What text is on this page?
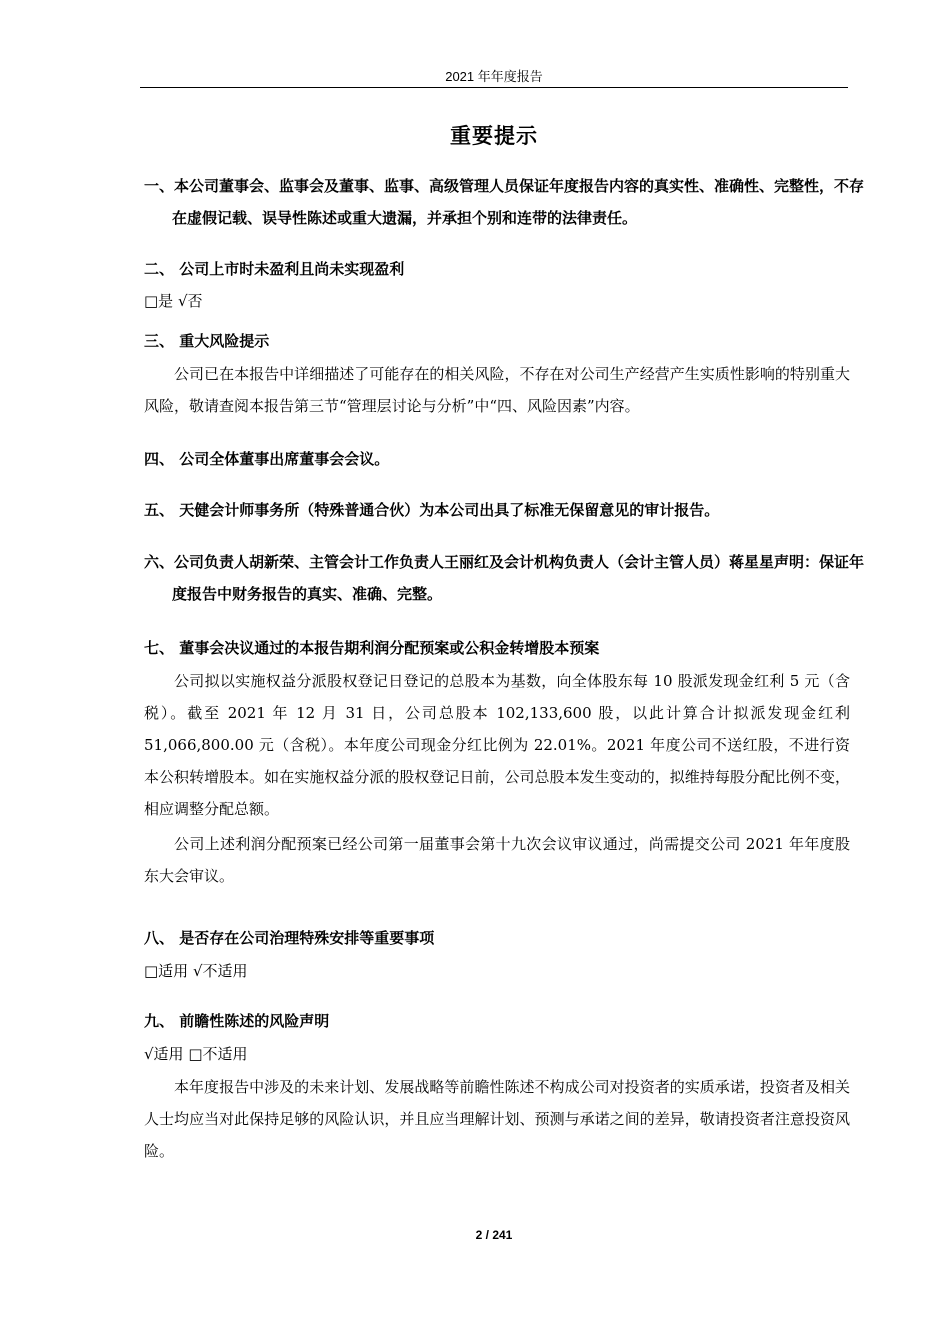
2021 年年度报告
重要提示
一、本公司董事会、监事会及董事、监事、高级管理人员保证年度报告内容的真实性、准确性、完整性，不存在虚假记载、误导性陈述或重大遗漏，并承担个别和连带的法律责任。
二、 公司上市时未盈利且尚未实现盈利
□是 √否
三、 重大风险提示
公司已在本报告中详细描述了可能存在的相关风险，不存在对公司生产经营产生实质性影响的特别重大风险，敬请查阅本报告第三节“管理层讨论与分析”中“四、风险因素”内容。
四、 公司全体董事出席董事会会议。
五、 天健会计师事务所（特殊普通合伙）为本公司出具了标准无保留意见的审计报告。
六、公司负责人胡新荣、主管会计工作负责人王丽红及会计机构负责人（会计主管人员）蒋星星声明：保证年度报告中财务报告的真实、准确、完整。
七、 董事会决议通过的本报告期利润分配预案或公积金转增股本预案
公司拟以实施权益分派股权登记日登记的总股本为基数，向全体股东每 10 股派发现金红利 5 元（含税）。截至 2021 年 12 月 31 日，公司总股本 102,133,600 股，以此计算合计拟派发现金红利 51,066,800.00 元（含税）。本年度公司现金分红比例为 22.01%。2021 年度公司不送红股，不进行资本公积转增股本。如在实施权益分派的股权登记日前，公司总股本发生变动的，拟维持每股分配比例不变，相应调整分配总额。
公司上述利润分配预案已经公司第一届董事会第十九次会议审议通过，尚需提交公司 2021 年年度股东大会审议。
八、 是否存在公司治理特殊安排等重要事项
□适用 √不适用
九、 前瞻性陈述的风险声明
√适用 □不适用
本年度报告中涉及的未来计划、发展战略等前瞻性陈述不构成公司对投资者的实质承诺，投资者及相关人士均应当对此保持足够的风险认识，并且应当理解计划、预测与承诺之间的差异，敬请投资者注意投资风险。
2 / 241
